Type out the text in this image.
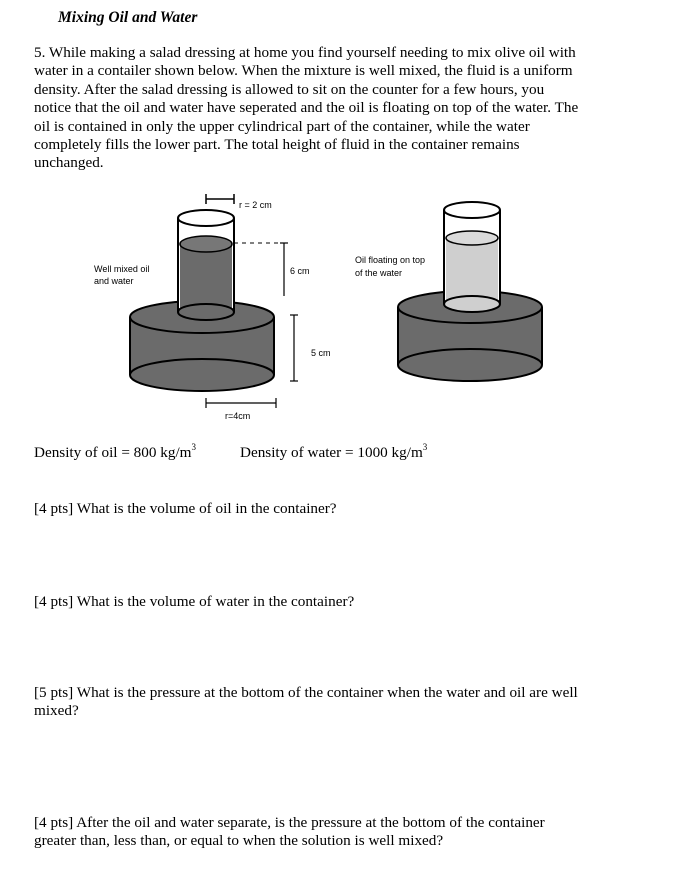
Mixing Oil and Water
5. While making a salad dressing at home you find yourself needing to mix olive oil with
water in a contailer shown below. When the mixture is well mixed, the fluid is a uniform
density. After the salad dressing is allowed to sit on the counter for a few hours, you
notice that the oil and water have seperated and the oil is floating on top of the water. The
oil is contained in only the upper cylindrical part of the container, while the water
completely fills the lower part. The total height of fluid in the container remains
unchanged.
r = 2 cm
6 cm
5 cm
r=4cm
Well mixed oil
and water
Oil floating on top
of the water
Density of oil = 800 $kg/m^3$	Density of water = 1000 $kg/m^3$
[4 pts] What is the volume of oil in the container?
[4 pts] What is the volume of water in the container?
[5 pts] What is the pressure at the bottom of the container when the water and oil are well
mixed?
[4 pts] After the oil and water separate, is the pressure at the bottom of the container
greater than, less than, or equal to when the solution is well mixed?
